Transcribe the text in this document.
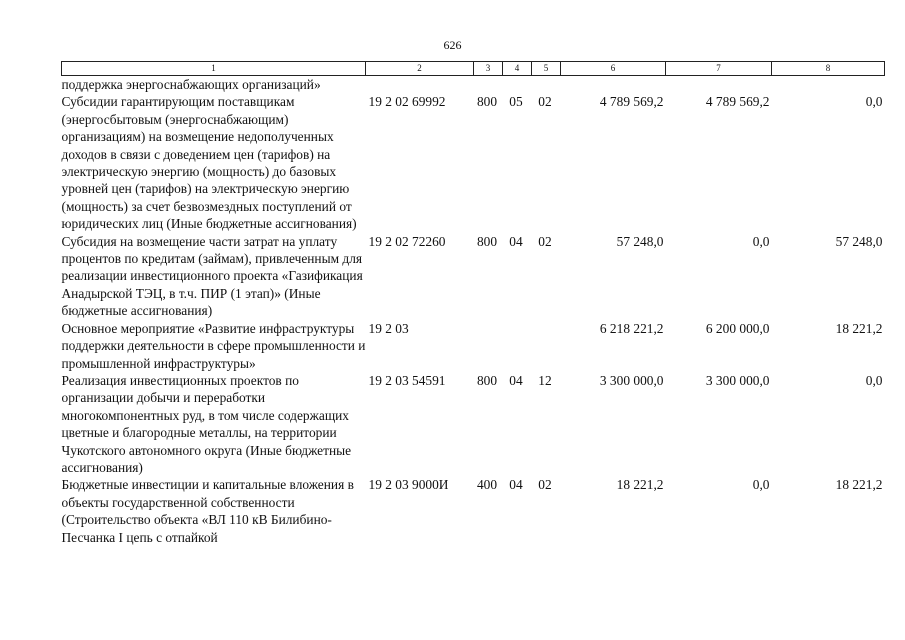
626
1	2	3	4	5	6	7	8
поддержка энергоснабжающих организаций»							
Субсидии гарантирующим поставщикам (энергосбытовым (энергоснабжающим) организациям) на возмещение недополученных доходов в связи с доведением цен (тарифов) на электрическую энергию (мощность) до базовых уровней цен (тарифов) на электрическую энергию (мощность) за счет безвозмездных поступлений от юридических лиц (Иные бюджетные ассигнования)	19 2 02 69992	800	05	02	4 789 569,2	4 789 569,2	0,0
Субсидия на возмещение части затрат на уплату процентов по кредитам (займам), привлеченным для реализации инвестиционного проекта «Газификация Анадырской ТЭЦ, в т.ч. ПИР (1 этап)» (Иные бюджетные ассигнования)	19 2 02 72260	800	04	02	57 248,0	0,0	57 248,0
Основное мероприятие «Развитие инфраструктуры поддержки деятельности в сфере промышленности и промышленной инфраструктуры»	19 2 03				6 218 221,2	6 200 000,0	18 221,2
Реализация инвестиционных проектов по организации добычи и переработки многокомпонентных руд, в том числе содержащих цветные и благородные металлы, на территории Чукотского автономного округа (Иные бюджетные ассигнования)	19 2 03 54591	800	04	12	3 300 000,0	3 300 000,0	0,0
Бюджетные инвестиции и капитальные вложения в объекты государственной собственности (Строительство объекта «ВЛ 110 кВ Билибино-Песчанка I цепь с отпайкой	19 2 03 9000И	400	04	02	18 221,2	0,0	18 221,2
